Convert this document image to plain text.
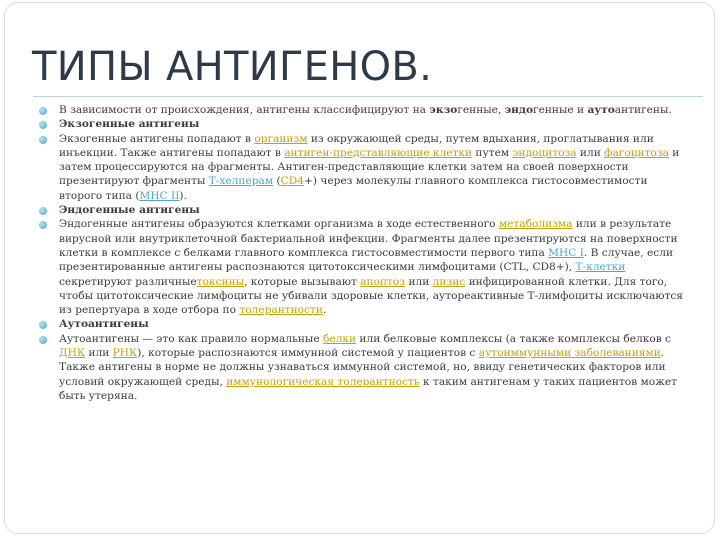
ТИПЫ АНТИГЕНОВ.
В зависимости от происхождения, антигены классифицируют на экзогенные, эндогенные и аутоантигены.
Экзогенные антигены
Экзогенные антигены попадают в организм из окружающей среды, путем вдыхания, проглатывания или инъекции. Также антигены попадают в антиген-представляющие клетки путем эндоцитоза или фагоцитоза и затем процессируются на фрагменты. Антиген-представляющие клетки затем на своей поверхности презентируют фрагменты Т-хелперам (CD4+) через молекулы главного комплекса гистосовместимости второго типа (MHC II).
Эндогенные антигены
Эндогенные антигены образуются клетками организма в ходе естественного метаболизма или в результате вирусной или внутриклеточной бактериальной инфекции. Фрагменты далее презентируются на поверхности клетки в комплексе с белками главного комплекса гистосовместимости первого типа MHC I. В случае, если презентированные антигены распознаются цитотоксическими лимфоцитами (CTL, CD8+), Т-клетки секретируют различныетоксины, которые вызывают апоптоз или лизис инфицированной клетки. Для того, чтобы цитотоксические лимфоциты не убивали здоровые клетки, аутореактивные Т-лимфоциты исключаются из репертуара в ходе отбора по толерантности.
Аутоантигены
Аутоантигены — это как правило нормальные белки или белковые комплексы (а также комплексы белков с ДНК или РНК), которые распознаются иммунной системой у пациентов с аутоиммунными заболеваниями. Также антигены в норме не должны узнаваться иммунной системой, но, ввиду генетических факторов или условий окружающей среды, иммунологическая толерантность к таким антигенам у таких пациентов может быть утеряна.
